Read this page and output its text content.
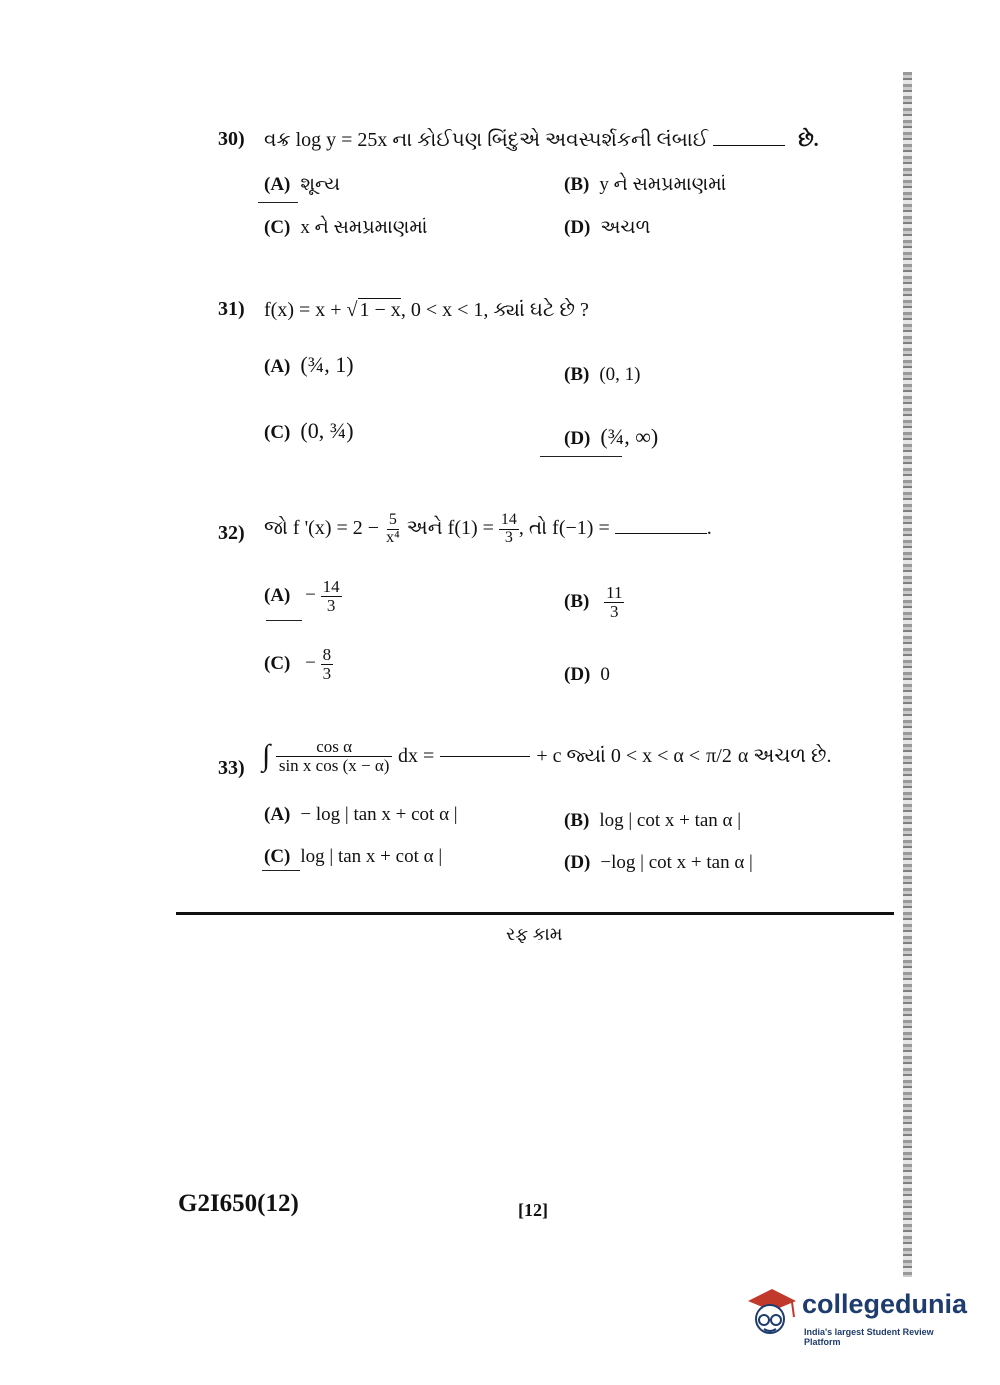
30) વક્ર log y = 25x ના કોઈપણ બિંદુએ અવસ્પર્શકની લંબાઈ	છે.
(A) શૂન્ય	(B) y ને સમપ્રમાણમાં
(C) x ને સમપ્રમાણમાં	(D) અચળ
31) f(x) = x + √ 1 − x, 0 < x < 1, ક્યાં ઘટે છે ?
(A) (¾, 1)	(B) (0, 1)
(C) (0, ¾)	(D) (¾, ∞)
32) જો f '$(x) = 2 - \frac{5}{\text{x⁴}}$ અને $f(1) = \frac{14}{3}$ , તો f(−1) =	.
$(A) - \frac{14}{3}$	$(B) \frac{11}{3}$
$(C) - \frac{8}{3}$	(D) 0
33) ∫ $\frac{\text{cos α}}{\text{sin x cos (x − α)}}$ dx =	+ c જ્યાં 0 < x < α < π/2 α અચળ છે.
(A) − log | tan x + cot α |	(B) log | cot x + tan α |
(C) log | tan x + cot α |	(D) −log | cot x + tan α |
રફ કામ
G2I650(12)	[12]
collegedunia
India's largest Student Review Platform
